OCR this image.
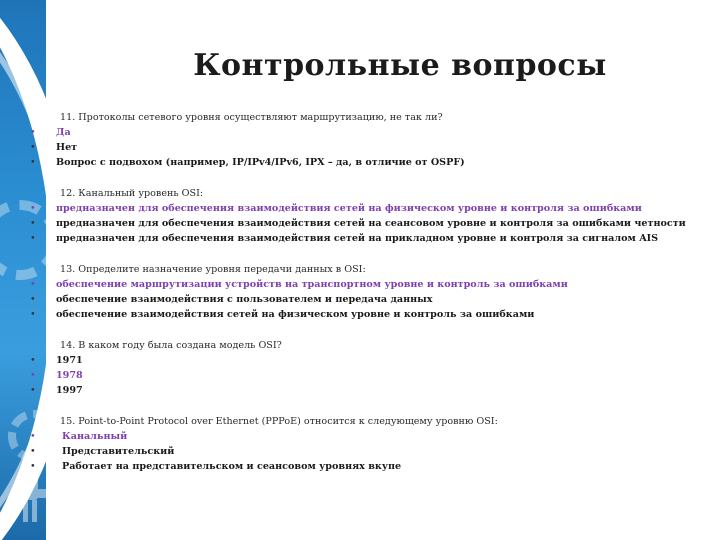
Контрольные вопросы
11. Протоколы сетевого уровня осуществляют маршрутизацию, не так ли?
• Да
• Нет
• Вопрос с подвохом (например, IP/IPv4/IPv6, IPX – да, в отличие от OSPF)
12. Канальный уровень OSI:
• предназначен для обеспечения взаимодействия сетей на физическом уровне и контроля за ошибками
• предназначен для обеспечения взаимодействия сетей на сеансовом уровне и контроля за ошибками четности
• предназначен для обеспечения взаимодействия сетей на прикладном уровне и контроля за сигналом AIS
13. Определите назначение уровня передачи данных в OSI:
• обеспечение маршрутизации устройств на транспортном уровне и контроль за ошибками
• обеспечение взаимодействия с пользователем и передача данных
• обеспечение взаимодействия сетей на физическом уровне и контроль за ошибками
14. В каком году была создана модель OSI?
• 1971
• 1978
• 1997
15. Point-to-Point Protocol over Ethernet (PPPoE) относится к следующему уровню OSI:
• Канальный
• Представительский
• Работает на представительском и сеансовом уровнях вкупе
